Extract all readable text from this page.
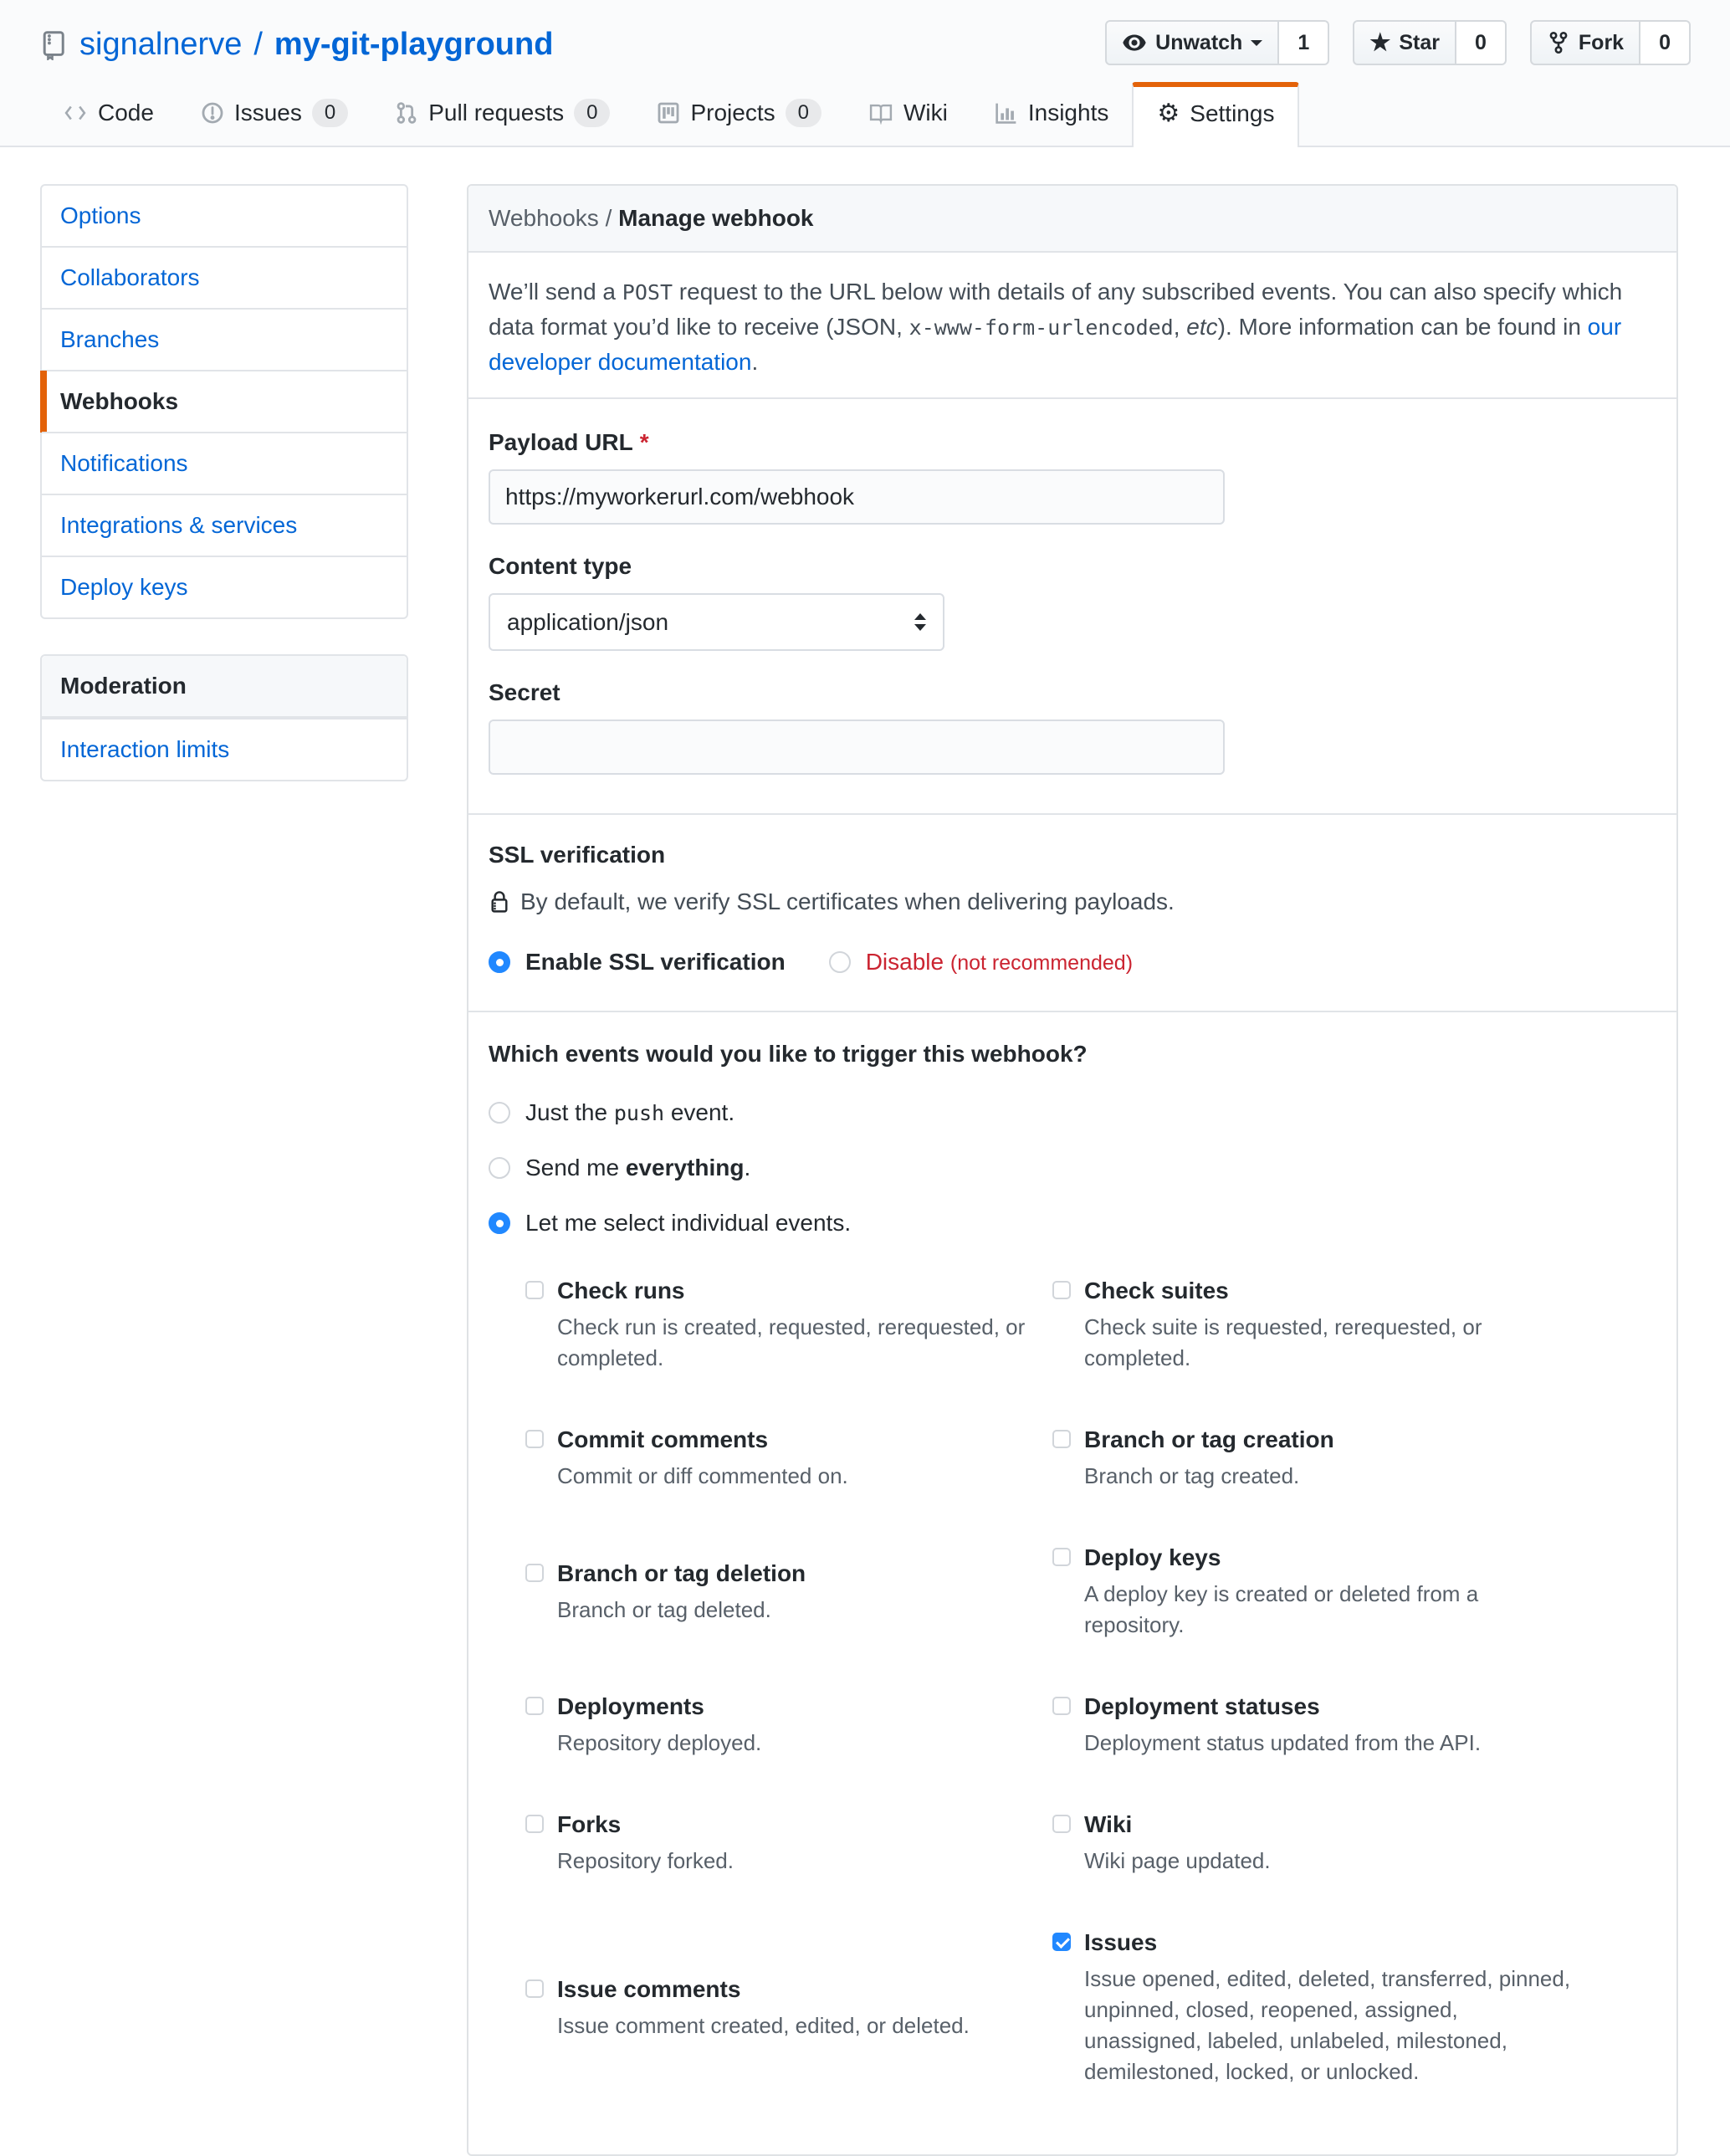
signalnerve / my-git-playground	Unwatch	1	★ Star	0	Fork	0
Code	Issues	0	Pull requests	0	Projects	0	Wiki	Insights ⚙ Settings
Options
Collaborators
Branches
Webhooks
Notifications
Integrations & services
Deploy keys
Moderation
Interaction limits
Webhooks / Manage webhook
We’ll send a POST request to the URL below with details of any subscribed events. You can also specify which data format you’d like to receive (JSON, x-www-form-urlencoded, etc). More information can be found in our developer documentation.
Payload URL *
https://myworkerurl.com/webhook
Content type
application/json
Secret
SSL verification
By default, we verify SSL certificates when delivering payloads.
Enable SSL verification	Disable (not recommended)
Which events would you like to trigger this webhook?
Just the push event.
Send me everything.
Let me select individual events.
Check runs
Check run is created, requested, rerequested, or completed.
Check suites
Check suite is requested, rerequested, or completed.
Commit comments
Commit or diff commented on.
Branch or tag creation
Branch or tag created.
Branch or tag deletion
Branch or tag deleted.
Deploy keys
A deploy key is created or deleted from a repository.
Deployments
Repository deployed.
Deployment statuses
Deployment status updated from the API.
Forks
Repository forked.
Wiki
Wiki page updated.
Issue comments
Issue comment created, edited, or deleted.
Issues
Issue opened, edited, deleted, transferred, pinned, unpinned, closed, reopened, assigned, unassigned, labeled, unlabeled, milestoned, demilestoned, locked, or unlocked.
